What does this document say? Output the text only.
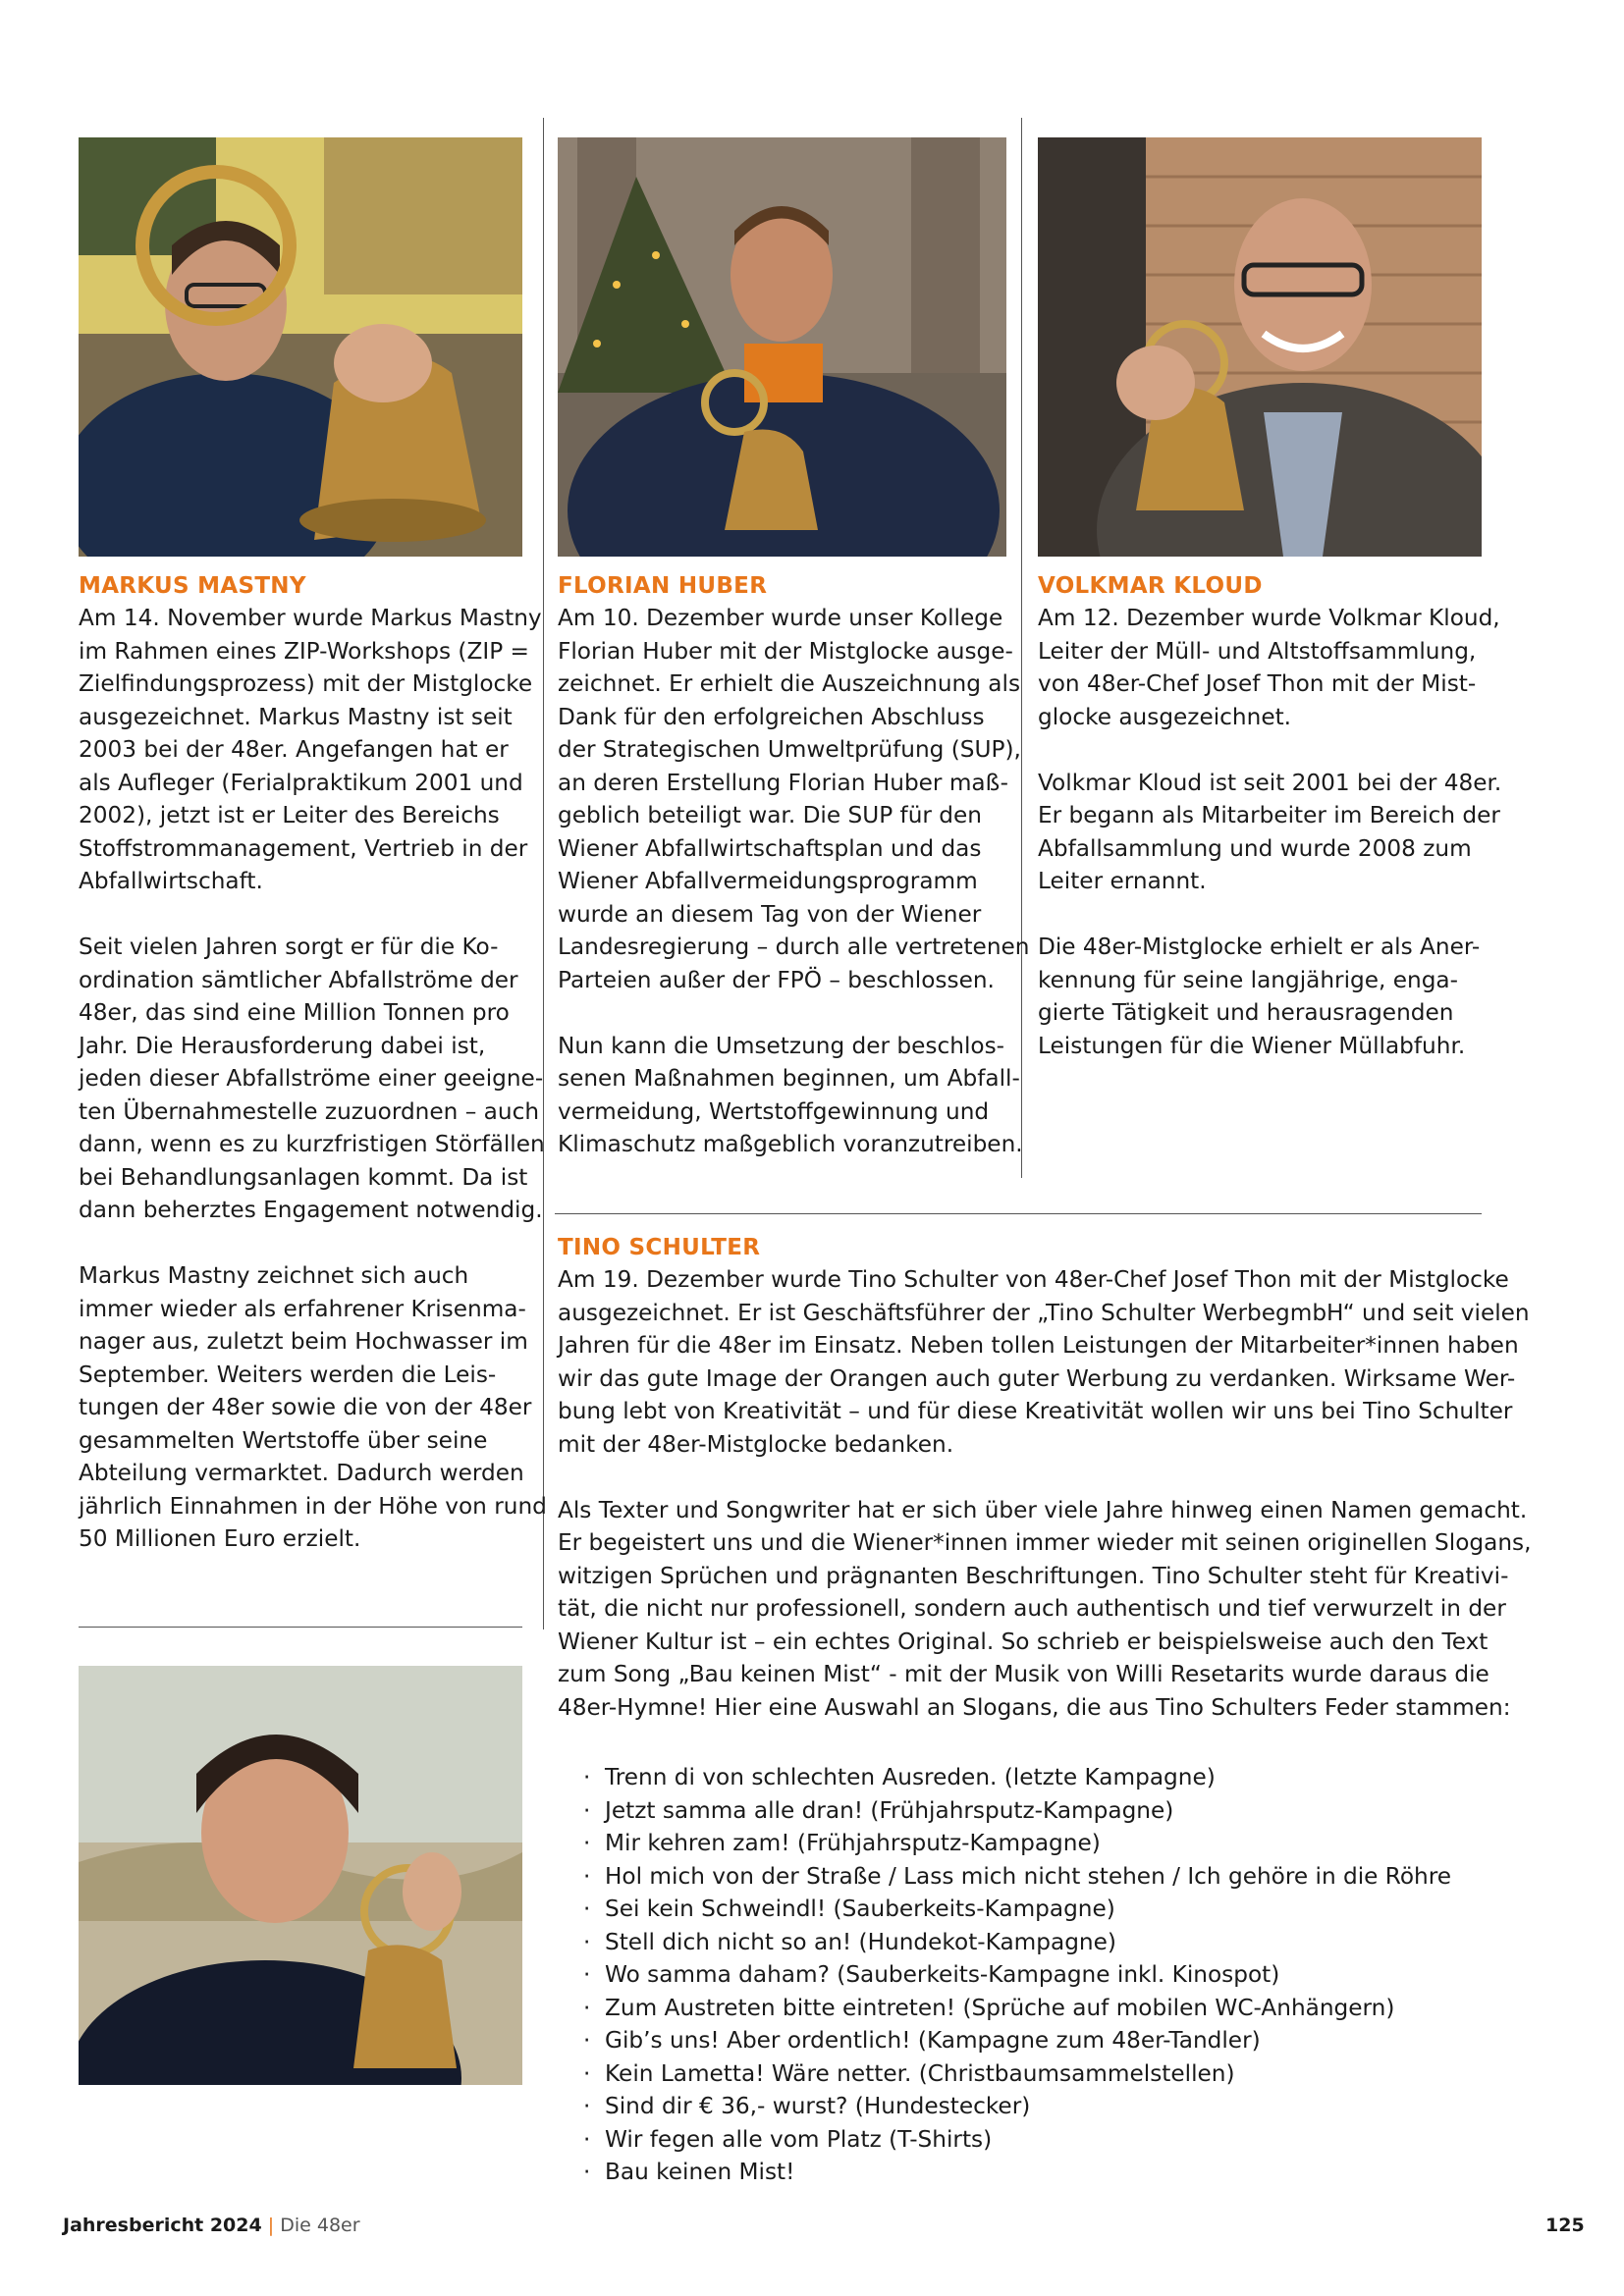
MARKUS MASTNY
Am 14. November wurde Markus Mastny
im Rahmen eines ZIP-Workshops (ZIP =
Zielfindungsprozess) mit der Mistglocke
ausgezeichnet. Markus Mastny ist seit
2003 bei der 48er. Angefangen hat er
als Aufleger (Ferialpraktikum 2001 und
2002), jetzt ist er Leiter des Bereichs
Stoffstrommanagement, Vertrieb in der
Abfallwirtschaft.
Seit vielen Jahren sorgt er für die Ko-
ordination sämtlicher Abfallströme der
48er, das sind eine Million Tonnen pro
Jahr. Die Herausforderung dabei ist,
jeden dieser Abfallströme einer geeigne-
ten Übernahmestelle zuzuordnen – auch
dann, wenn es zu kurzfristigen Störfällen
bei Behandlungsanlagen kommt. Da ist
dann beherztes Engagement notwendig.
Markus Mastny zeichnet sich auch
immer wieder als erfahrener Krisenma-
nager aus, zuletzt beim Hochwasser im
September. Weiters werden die Leis-
tungen der 48er sowie die von der 48er
gesammelten Wertstoffe über seine
Abteilung vermarktet. Dadurch werden
jährlich Einnahmen in der Höhe von rund
50 Millionen Euro erzielt.
FLORIAN HUBER
Am 10. Dezember wurde unser Kollege
Florian Huber mit der Mistglocke ausge-
zeichnet. Er erhielt die Auszeichnung als
Dank für den erfolgreichen Abschluss
der Strategischen Umweltprüfung (SUP),
an deren Erstellung Florian Huber maß-
geblich beteiligt war. Die SUP für den
Wiener Abfallwirtschaftsplan und das
Wiener Abfallvermeidungsprogramm
wurde an diesem Tag von der Wiener
Landesregierung – durch alle vertretenen
Parteien außer der FPÖ – beschlossen.
Nun kann die Umsetzung der beschlos-
senen Maßnahmen beginnen, um Abfall-
vermeidung, Wertstoffgewinnung und
Klimaschutz maßgeblich voranzutreiben.
VOLKMAR KLOUD
Am 12. Dezember wurde Volkmar Kloud,
Leiter der Müll- und Altstoffsammlung,
von 48er-Chef Josef Thon mit der Mist-
glocke ausgezeichnet.
Volkmar Kloud ist seit 2001 bei der 48er.
Er begann als Mitarbeiter im Bereich der
Abfallsammlung und wurde 2008 zum
Leiter ernannt.
Die 48er-Mistglocke erhielt er als Aner-
kennung für seine langjährige, enga-
gierte Tätigkeit und herausragenden
Leistungen für die Wiener Müllabfuhr.
TINO SCHULTER
Am 19. Dezember wurde Tino Schulter von 48er-Chef Josef Thon mit der Mistglocke
ausgezeichnet. Er ist Geschäftsführer der „Tino Schulter WerbegmbH“ und seit vielen
Jahren für die 48er im Einsatz. Neben tollen Leistungen der Mitarbeiter*innen haben
wir das gute Image der Orangen auch guter Werbung zu verdanken. Wirksame Wer-
bung lebt von Kreativität – und für diese Kreativität wollen wir uns bei Tino Schulter
mit der 48er-Mistglocke bedanken.
Als Texter und Songwriter hat er sich über viele Jahre hinweg einen Namen gemacht.
Er begeistert uns und die Wiener*innen immer wieder mit seinen originellen Slogans,
witzigen Sprüchen und prägnanten Beschriftungen. Tino Schulter steht für Kreativi-
tät, die nicht nur professionell, sondern auch authentisch und tief verwurzelt in der
Wiener Kultur ist – ein echtes Original. So schrieb er beispielsweise auch den Text
zum Song „Bau keinen Mist“ - mit der Musik von Willi Resetarits wurde daraus die
48er-Hymne! Hier eine Auswahl an Slogans, die aus Tino Schulters Feder stammen:
· Trenn di von schlechten Ausreden. (letzte Kampagne)
· Jetzt samma alle dran! (Frühjahrsputz-Kampagne)
· Mir kehren zam! (Frühjahrsputz-Kampagne)
· Hol mich von der Straße / Lass mich nicht stehen / Ich gehöre in die Röhre
· Sei kein Schweindl! (Sauberkeits-Kampagne)
· Stell dich nicht so an! (Hundekot-Kampagne)
· Wo samma daham? (Sauberkeits-Kampagne inkl. Kinospot)
· Zum Austreten bitte eintreten! (Sprüche auf mobilen WC-Anhängern)
· Gib’s uns! Aber ordentlich! (Kampagne zum 48er-Tandler)
· Kein Lametta! Wäre netter. (Christbaumsammelstellen)
· Sind dir € 36,- wurst? (Hundestecker)
· Wir fegen alle vom Platz (T-Shirts)
· Bau keinen Mist!
Jahresbericht 2024 | Die 48er	125
